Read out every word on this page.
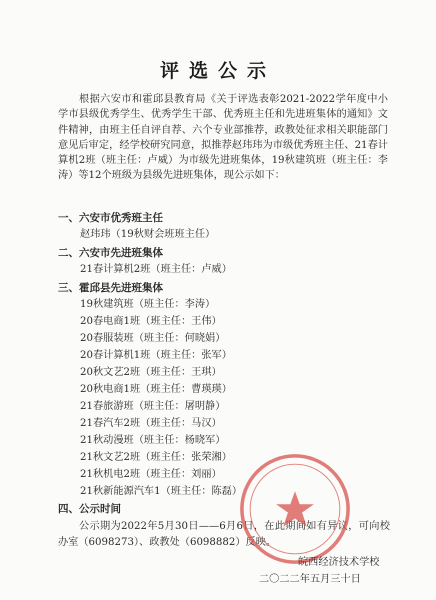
评选公示

根据六安市和霍邱县教育局《关于评选表彰2021-2022学年度中小学市县级优秀学生、优秀学生干部、优秀班主任和先进班集体的通知》文件精神，由班主任自评自荐、六个专业部推荐，政教处征求相关职能部门意见后审定，经学校研究同意，拟推荐赵玮玮为市级优秀班主任、21春计算机2班（班主任：卢威）为市级先进班集体，19秋建筑班（班主任：李涛）等12个班级为县级先进班集体，现公示如下：

一、六安市优秀班主任

赵玮玮（19秋财会班班主任）

二、六安市先进班集体

21春计算机2班（班主任：卢威）

三、霍邱县先进班集体

19秋建筑班（班主任：李涛）

20春电商1班（班主任：王伟）

20春服装班（班主任：何晓娟）

20春计算机1班（班主任：张军）

20秋文艺2班（班主任：王琪）

20秋电商1班（班主任：曹瑛瑛）

21春旅游班（班主任：屠明静）

21春汽车2班（班主任：马汉）

21秋动漫班（班主任：杨晓军）

21秋文艺2班（班主任：张荣湘）

21秋机电2班（班主任：刘丽）

21秋新能源汽车1（班主任：陈磊）

四、公示时间

公示期为2022年5月30日——6月6日，在此期间如有异议，可向校办室（6098273）、政教处（6098882）反映。

皖西经济技术学校

二〇二二年五月三十日
